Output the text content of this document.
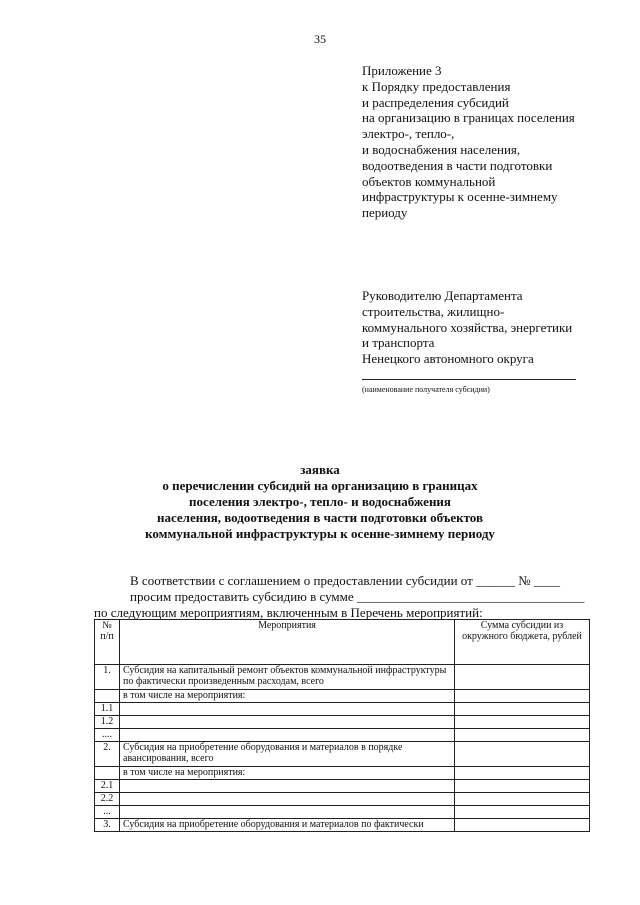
35
Приложение 3
к Порядку предоставления
и распределения субсидий
на организацию в границах поселения
электро-, тепло-,
и водоснабжения населения,
водоотведения в части подготовки
объектов коммунальной
инфраструктуры к осенне-зимнему
периоду
Руководителю Департамента
строительства, жилищно-
коммунального хозяйства, энергетики
и транспорта
Ненецкого автономного округа
(наименование получателя субсидии)
заявка
о перечислении субсидий на организацию в границах
поселения электро-, тепло- и водоснабжения
населения, водоотведения в части подготовки объектов
коммунальной инфраструктуры к осенне-зимнему периоду
В соответствии с соглашением о предоставлении субсидии от ______ № ____
просим предоставить субсидию в сумме ___________________________________
по следующим мероприятиям, включенным в Перечень мероприятий:
№ п/п	Мероприятия	Сумма субсидии из окружного бюджета, рублей
1.	Субсидия на капитальный ремонт объектов коммунальной инфраструктуры по фактически произведенным расходам, всего	
	в том числе на мероприятия:	
1.1		
1.2		
....		
2.	Субсидия на приобретение оборудования и материалов в порядке авансирования, всего	
	в том числе на мероприятия:	
2.1		
2.2		
...		
3.	Субсидия на приобретение оборудования и материалов по фактически	
